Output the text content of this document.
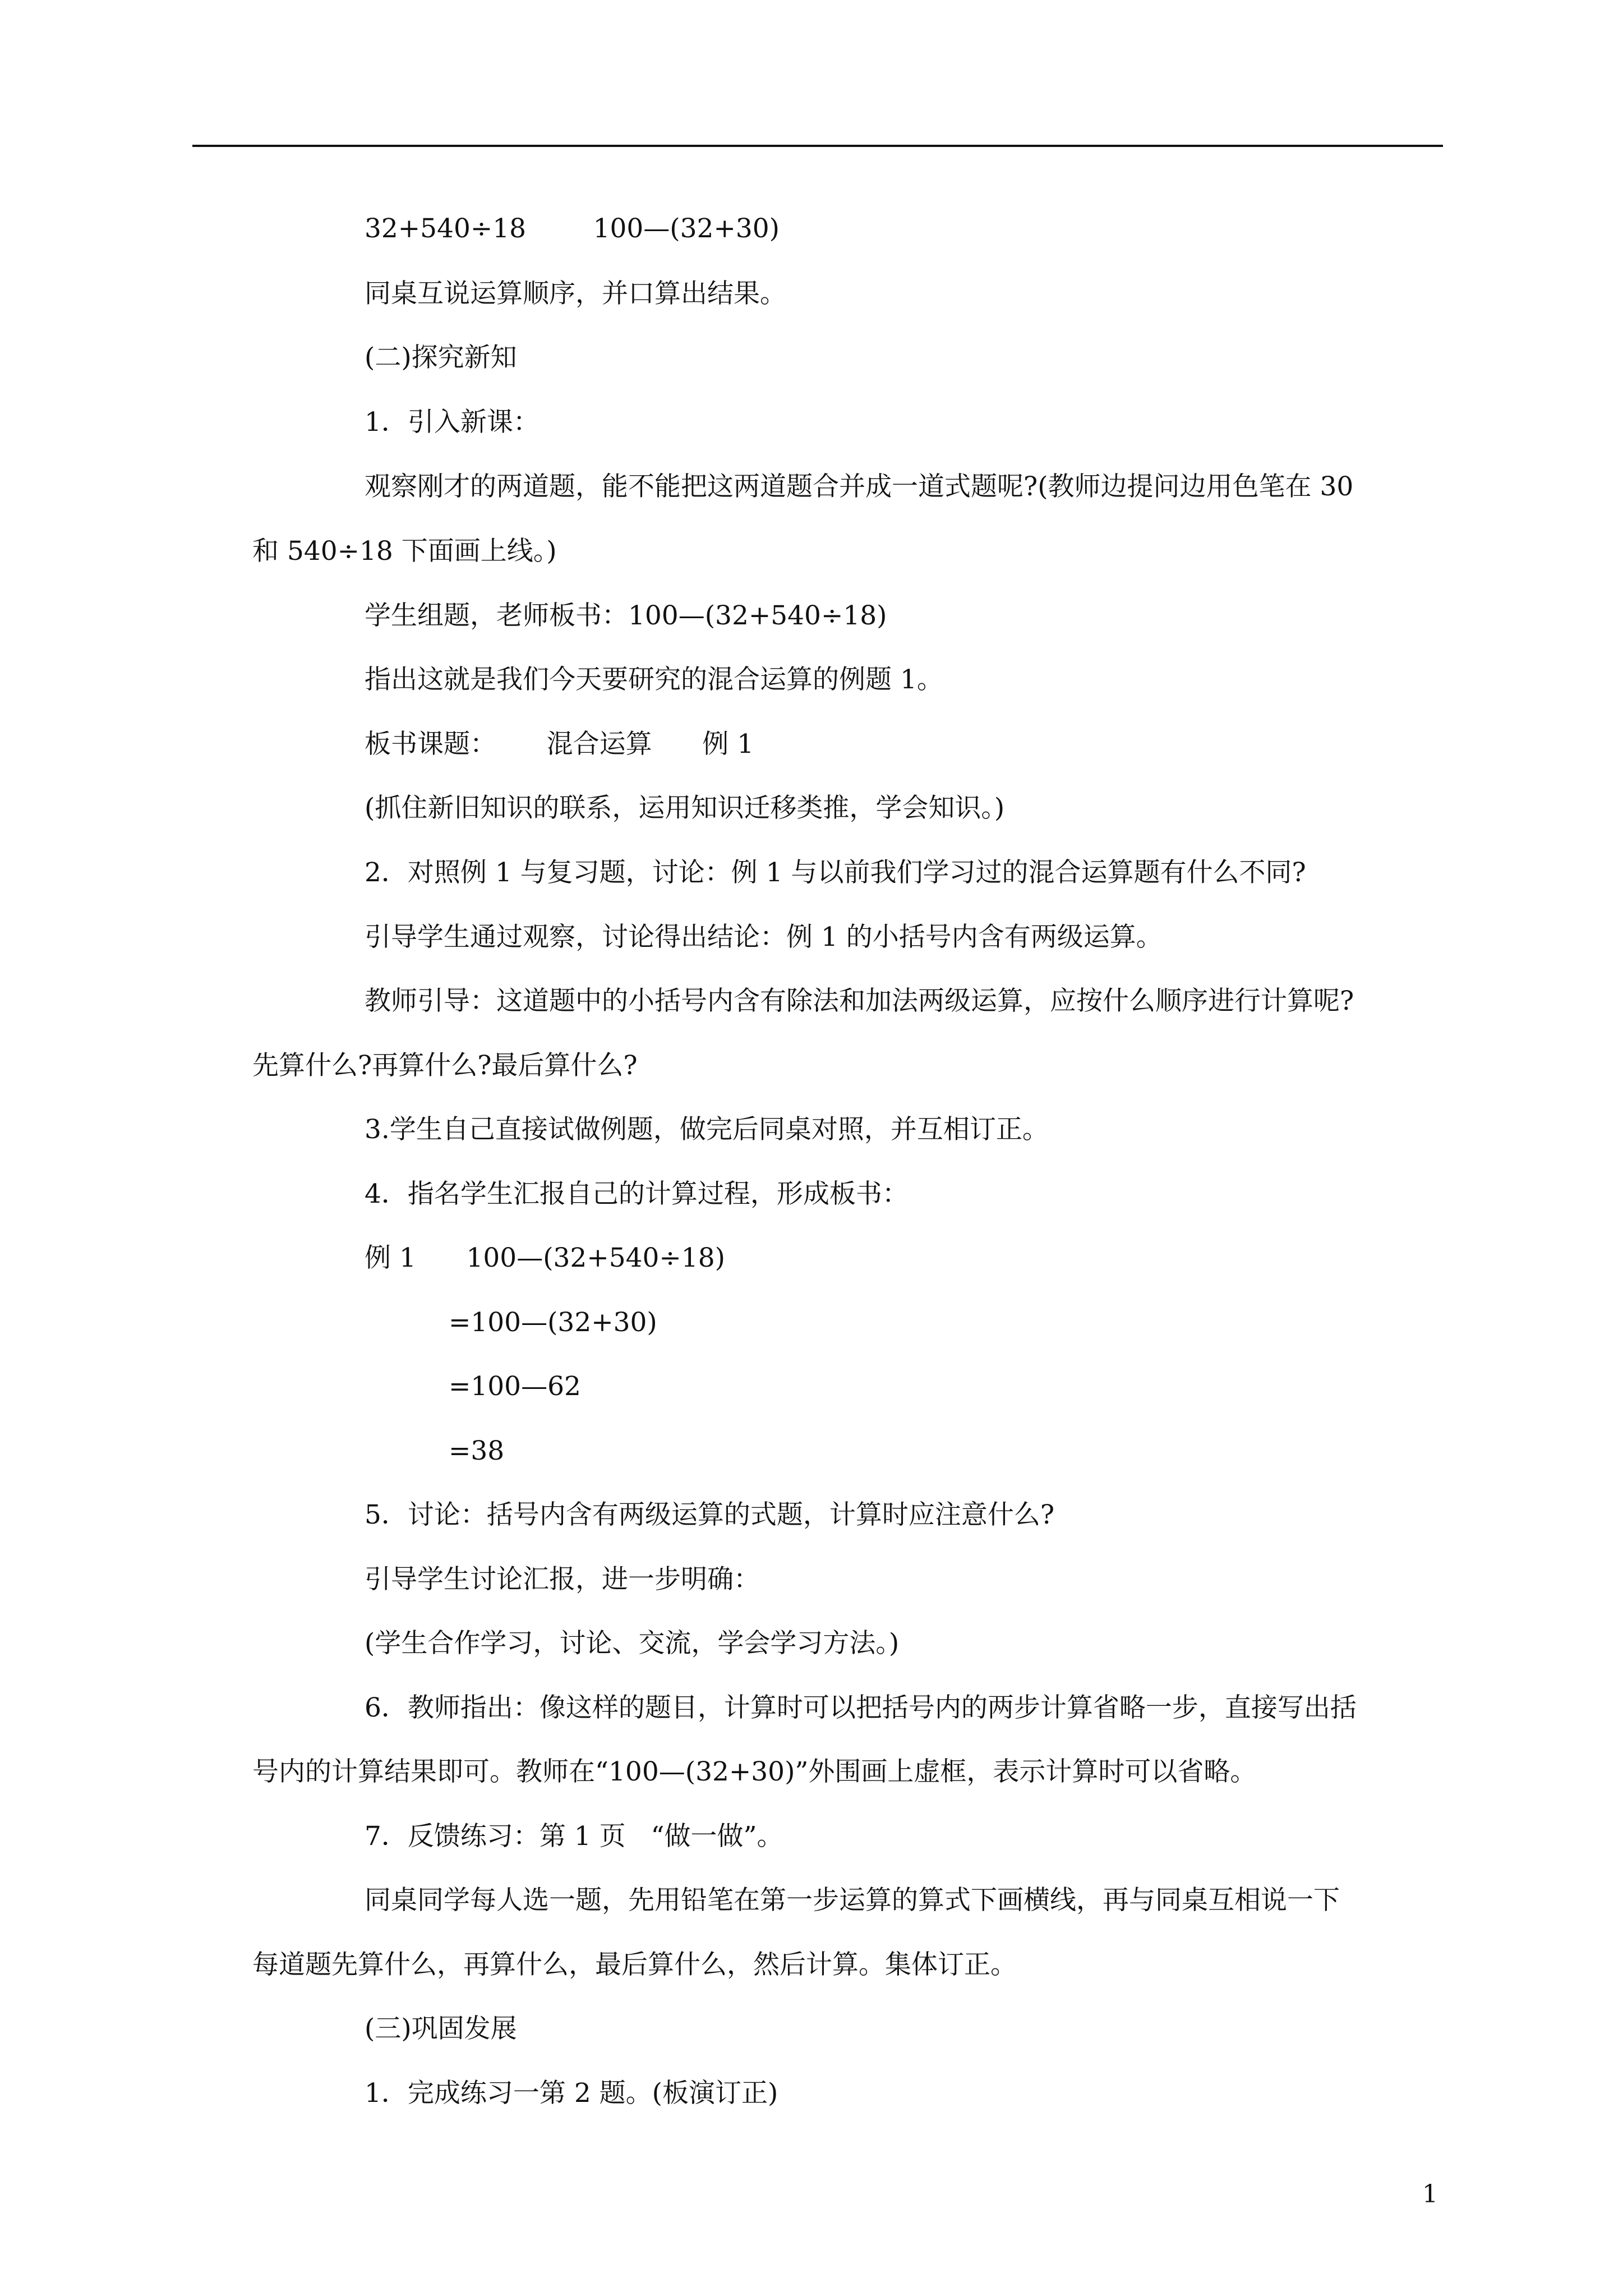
32+540÷18        100—(32+30)
同桌互说运算顺序，并口算出结果。
(二)探究新知
1．引入新课：
观察刚才的两道题，能不能把这两道题合并成一道式题呢?(教师边提问边用色笔在 30
和 540÷18 下面画上线。)
学生组题，老师板书：100—(32+540÷18)
指出这就是我们今天要研究的混合运算的例题 1。
板书课题：      混合运算      例 1
(抓住新旧知识的联系，运用知识迁移类推，学会知识。)
2．对照例 1 与复习题，讨论：例 1 与以前我们学习过的混合运算题有什么不同?
引导学生通过观察，讨论得出结论：例 1 的小括号内含有两级运算。
教师引导：这道题中的小括号内含有除法和加法两级运算，应按什么顺序进行计算呢?
先算什么?再算什么?最后算什么?
3.学生自己直接试做例题，做完后同桌对照，并互相订正。
4．指名学生汇报自己的计算过程，形成板书：
例 1      100—(32+540÷18)
=100—(32+30)
=100—62
=38
5．讨论：括号内含有两级运算的式题，计算时应注意什么?
引导学生讨论汇报，进一步明确：
(学生合作学习，讨论、交流，学会学习方法。)
6．教师指出：像这样的题目，计算时可以把括号内的两步计算省略一步，直接写出括
号内的计算结果即可。教师在“100—(32+30)”外围画上虚框，表示计算时可以省略。
7．反馈练习：第 1 页   “做一做”。
同桌同学每人选一题，先用铅笔在第一步运算的算式下画横线，再与同桌互相说一下
每道题先算什么，再算什么，最后算什么，然后计算。集体订正。
(三)巩固发展
1．完成练习一第 2 题。(板演订正)
1
